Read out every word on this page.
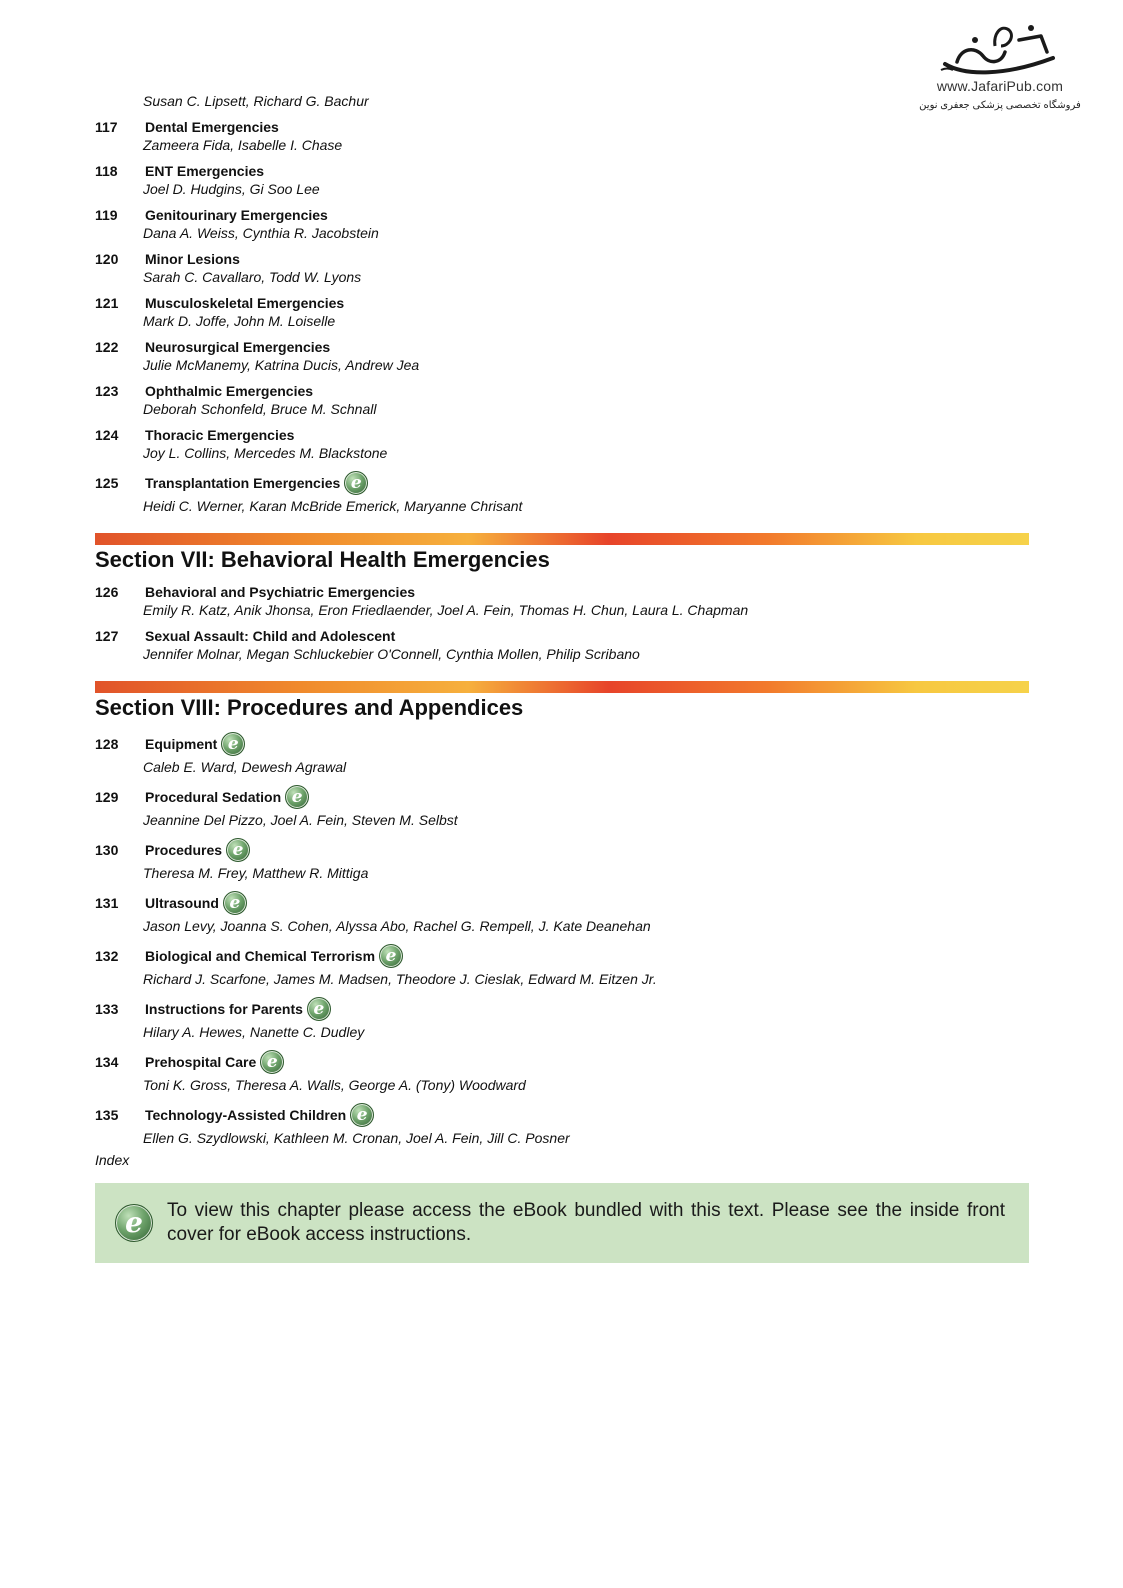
www.JafariPub.com
فروشگاه تخصصی پزشکی جعفری نوین
Susan C. Lipsett, Richard G. Bachur
117	Dental Emergencies
Zameera Fida, Isabelle I. Chase
118	ENT Emergencies
Joel D. Hudgins, Gi Soo Lee
119	Genitourinary Emergencies
Dana A. Weiss, Cynthia R. Jacobstein
120	Minor Lesions
Sarah C. Cavallaro, Todd W. Lyons
121	Musculoskeletal Emergencies
Mark D. Joffe, John M. Loiselle
122	Neurosurgical Emergencies
Julie McManemy, Katrina Ducis, Andrew Jea
123	Ophthalmic Emergencies
Deborah Schonfeld, Bruce M. Schnall
124	Thoracic Emergencies
Joy L. Collins, Mercedes M. Blackstone
125	Transplantation Emergencies e
Heidi C. Werner, Karan McBride Emerick, Maryanne Chrisant
Section VII: Behavioral Health Emergencies
126	Behavioral and Psychiatric Emergencies
Emily R. Katz, Anik Jhonsa, Eron Friedlaender, Joel A. Fein, Thomas H. Chun, Laura L. Chapman
127	Sexual Assault: Child and Adolescent
Jennifer Molnar, Megan Schluckebier O'Connell, Cynthia Mollen, Philip Scribano
Section VIII: Procedures and Appendices
128	Equipment e
Caleb E. Ward, Dewesh Agrawal
129	Procedural Sedation e
Jeannine Del Pizzo, Joel A. Fein, Steven M. Selbst
130	Procedures e
Theresa M. Frey, Matthew R. Mittiga
131	Ultrasound e
Jason Levy, Joanna S. Cohen, Alyssa Abo, Rachel G. Rempell, J. Kate Deanehan
132	Biological and Chemical Terrorism e
Richard J. Scarfone, James M. Madsen, Theodore J. Cieslak, Edward M. Eitzen Jr.
133	Instructions for Parents e
Hilary A. Hewes, Nanette C. Dudley
134	Prehospital Care e
Toni K. Gross, Theresa A. Walls, George A. (Tony) Woodward
135	Technology-Assisted Children e
Ellen G. Szydlowski, Kathleen M. Cronan, Joel A. Fein, Jill C. Posner
Index
e	To view this chapter please access the eBook bundled with this text. Please see the inside front cover for eBook access instructions.
